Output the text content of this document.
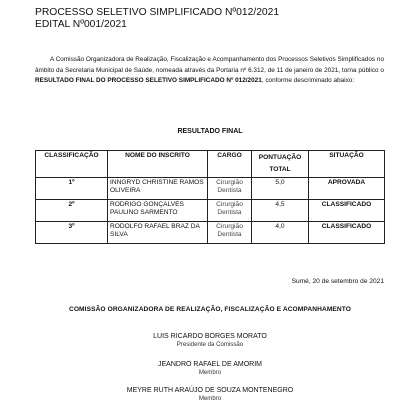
PROCESSO SELETIVO SIMPLIFICADO Nº012/2021
EDITAL Nº001/2021

A Comissão Organizadora de Realização, Fiscalização e Acompanhamento dos Processos Seletivos Simplificados no âmbito da Secretaria Municipal de Saúde, nomeada através da Portaria nº 6.312, de 11 de janeiro de 2021, torna público o RESULTADO FINAL DO PROCESSO SELETIVO SIMPLIFICADO Nº 012/2021, conforme descriminado abaixo:

RESULTADO FINAL
CLASSIFICAÇÃO	NOME DO INSCRITO	CARGO	PONTUAÇÃO TOTAL	SITUAÇÃO
1º	INNGRYD CHRISTINE RAMOS OLIVEIRA	Cirurgião Dentista	5,0	APROVADA
2º	RODRIGO GONÇALVES PAULINO SARMENTO	Cirurgião Dentista	4,5	CLASSIFICADO
3º	RODOLFO RAFAEL BRAZ DA SILVA	Cirurgião Dentista	4,0	CLASSIFICADO
Sumé, 20 de setembro de 2021
COMISSÃO ORGANIZADORA DE REALIZAÇÃO, FISCALIZAÇÃO E ACOMPANHAMENTO
LUIS RICARDO BORGES MORATO
Presidente da Comissão
JEANDRO RAFAEL DE AMORIM
Membro
MEYRE RUTH ARAÚJO DE SOUZA MONTENEGRO
Membro
